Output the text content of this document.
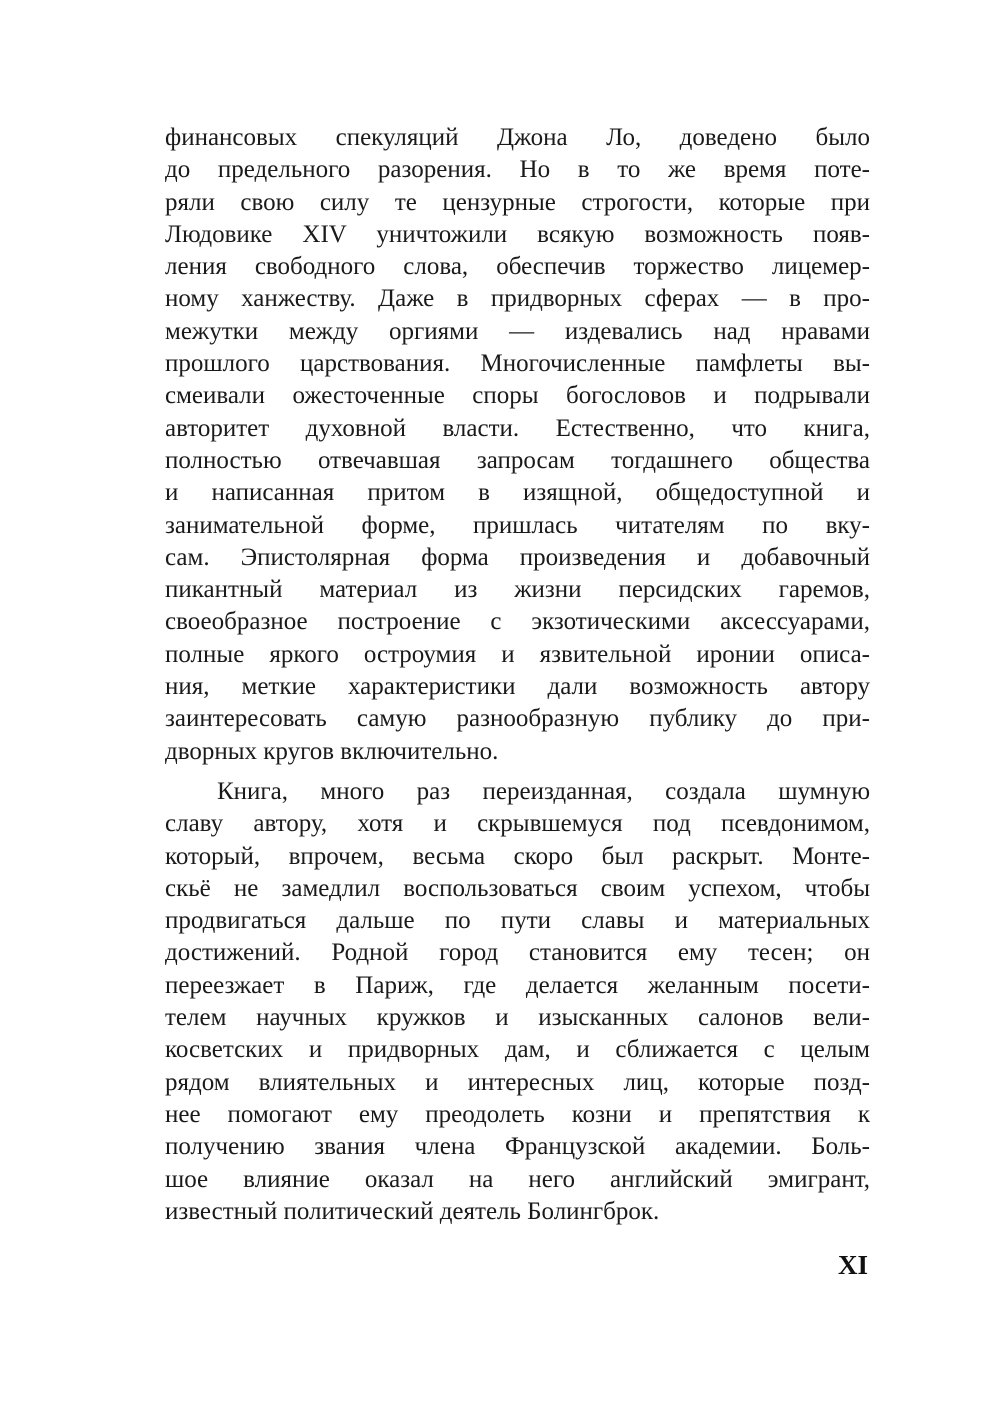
финансовых спекуляций Джона Ло, доведено было
до предельного разорения. Но в то же время поте-
ряли свою силу те цензурные строгости, которые при
Людовике XIV уничтожили всякую возможность появ-
ления свободного слова, обеспечив торжество лицемер-
ному ханжеству. Даже в придворных сферах — в про-
межутки между оргиями — издевались над нравами
прошлого царствования. Многочисленные памфлеты вы-
смеивали ожесточенные споры богословов и подрывали
авторитет духовной власти. Естественно, что книга,
полностью отвечавшая запросам тогдашнего общества
и написанная притом в изящной, общедоступной и
занимательной форме, пришлась читателям по вку-
сам. Эпистолярная форма произведения и добавочный
пикантный материал из жизни персидских гаремов,
своеобразное построение с экзотическими аксессуарами,
полные яркого остроумия и язвительной иронии описа-
ния, меткие характеристики дали возможность автору
заинтересовать самую разнообразную публику до при-
дворных кругов включительно.
Книга, много раз переизданная, создала шумную
славу автору, хотя и скрывшемуся под псевдонимом,
который, впрочем, весьма скоро был раскрыт. Монте-
скьё не замедлил воспользоваться своим успехом, чтобы
продвигаться дальше по пути славы и материальных
достижений. Родной город становится ему тесен; он
переезжает в Париж, где делается желанным посети-
телем научных кружков и изысканных салонов вели-
косветских и придворных дам, и сближается с целым
рядом влиятельных и интересных лиц, которые позд-
нее помогают ему преодолеть козни и препятствия к
получению звания члена Французской академии. Боль-
шое влияние оказал на него английский эмигрант,
известный политический деятель Болингброк.
XI
